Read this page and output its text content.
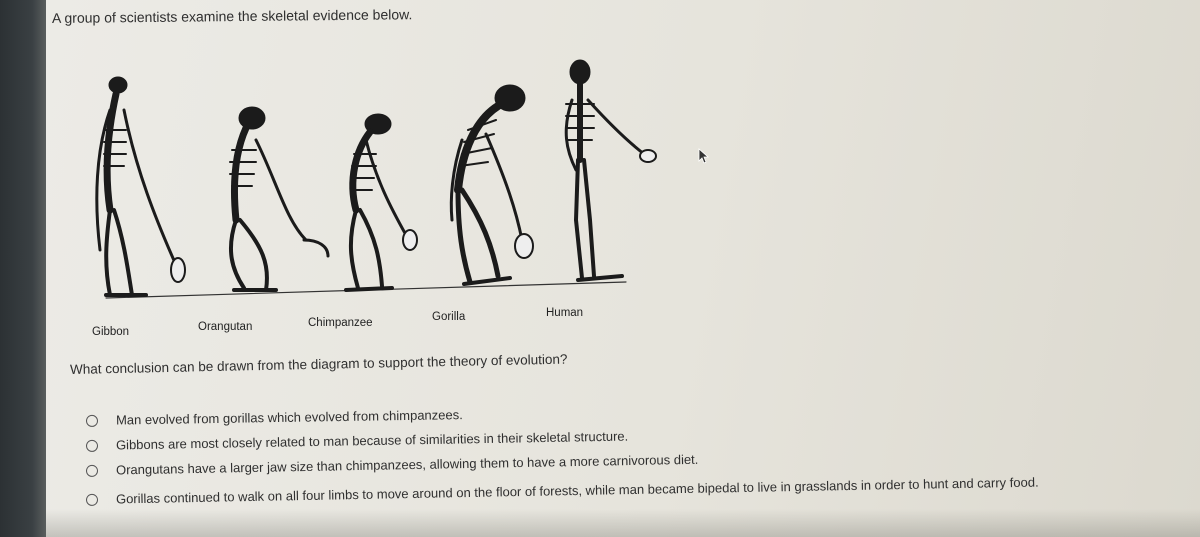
A group of scientists examine the skeletal evidence below.
Gibbon	Orangutan	Chimpanzee	Gorilla	Human
What conclusion can be drawn from the diagram to support the theory of evolution?
Man evolved from gorillas which evolved from chimpanzees.
Gibbons are most closely related to man because of similarities in their skeletal structure.
Orangutans have a larger jaw size than chimpanzees, allowing them to have a more carnivorous diet.
Gorillas continued to walk on all four limbs to move around on the floor of forests, while man became bipedal to live in grasslands in order to hunt and carry food.
